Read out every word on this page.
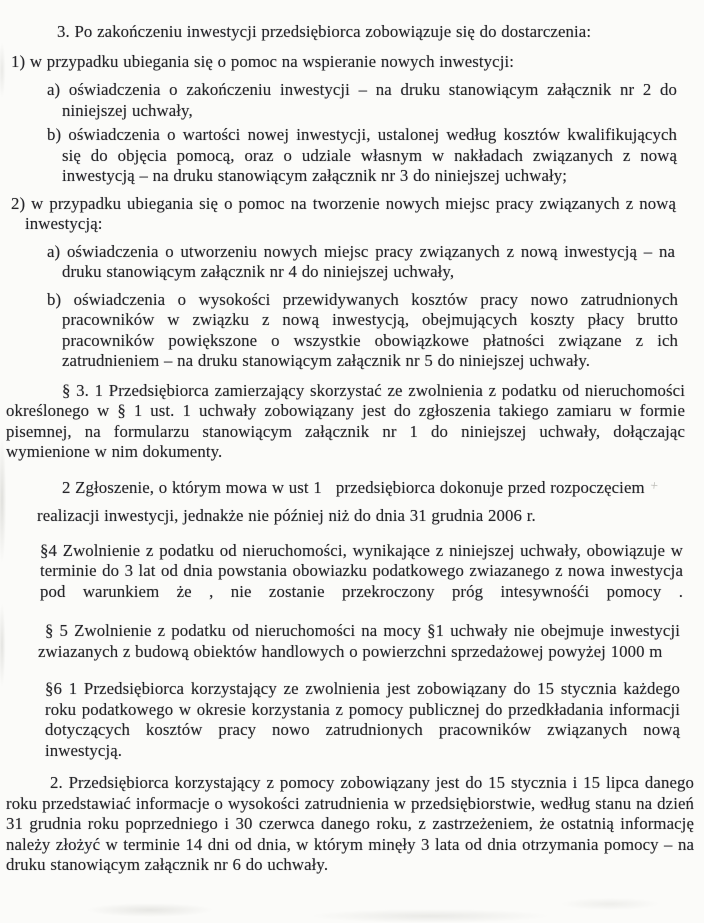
3. Po zakończeniu inwestycji przedsiębiorca zobowiązuje się do dostarczenia:
1) w przypadku ubiegania się o pomoc na wspieranie nowych inwestycji:
a) oświadczenia o zakończeniu inwestycji – na druku stanowiącym załącznik nr 2 do niniejszej uchwały,
b) oświadczenia o wartości nowej inwestycji, ustalonej według kosztów kwalifikujących się do objęcia pomocą, oraz o udziale własnym w nakładach związanych z nową inwestycją – na druku stanowiącym załącznik nr 3 do niniejszej uchwały;
2) w przypadku ubiegania się o pomoc na tworzenie nowych miejsc pracy związanych z nową inwestycją:
a) oświadczenia o utworzeniu nowych miejsc pracy związanych z nową inwestycją – na druku stanowiącym załącznik nr 4 do niniejszej uchwały,
b) oświadczenia o wysokości przewidywanych kosztów pracy nowo zatrudnionych pracowników w związku z nową inwestycją, obejmujących koszty płacy brutto pracowników powiększone o wszystkie obowiązkowe płatności związane z ich zatrudnieniem – na druku stanowiącym załącznik nr 5 do niniejszej uchwały.
§ 3. 1 Przedsiębiorca zamierzający skorzystać ze zwolnienia z podatku od nieruchomości określonego w § 1 ust. 1 uchwały zobowiązany jest do zgłoszenia takiego zamiaru w formie pisemnej, na formularzu stanowiącym załącznik nr 1 do niniejszej uchwały, dołączając wymienione w nim dokumenty.
2 Zgłoszenie, o którym mowa w ust 1   przedsiębiorca dokonuje przed rozpoczęciem
realizacji inwestycji, jednakże nie później niż do dnia 31 grudnia 2006 r.
§4 Zwolnienie z podatku od nieruchomości, wynikające z niniejszej uchwały, obowiązuje w terminie do 3 lat od dnia powstania obowiazku podatkowego zwiazanego z nowa inwestycja pod warunkiem że , nie zostanie przekroczony próg intesywnośći pomocy .
§ 5 Zwolnienie z podatku od nieruchomości na mocy §1 uchwały nie obejmuje inwestycji zwiazanych z budową obiektów handlowych o powierzchni sprzedażowej powyżej 1000 m
§6 1 Przedsiębiorca korzystający ze zwolnienia jest zobowiązany do 15 stycznia każdego roku podatkowego w okresie korzystania z pomocy publicznej do przedkładania informacji dotyczących kosztów pracy nowo zatrudnionych pracowników związanych nową inwestycją.
2. Przedsiębiorca korzystający z pomocy zobowiązany jest do 15 stycznia i 15 lipca danego roku przedstawiać informacje o wysokości zatrudnienia w przedsiębiorstwie, według stanu na dzień 31 grudnia roku poprzedniego i 30 czerwca danego roku, z zastrzeżeniem, że ostatnią informację należy złożyć w terminie 14 dni od dnia, w którym minęły 3 lata od dnia otrzymania pomocy – na druku stanowiącym załącznik nr 6 do uchwały.
+
